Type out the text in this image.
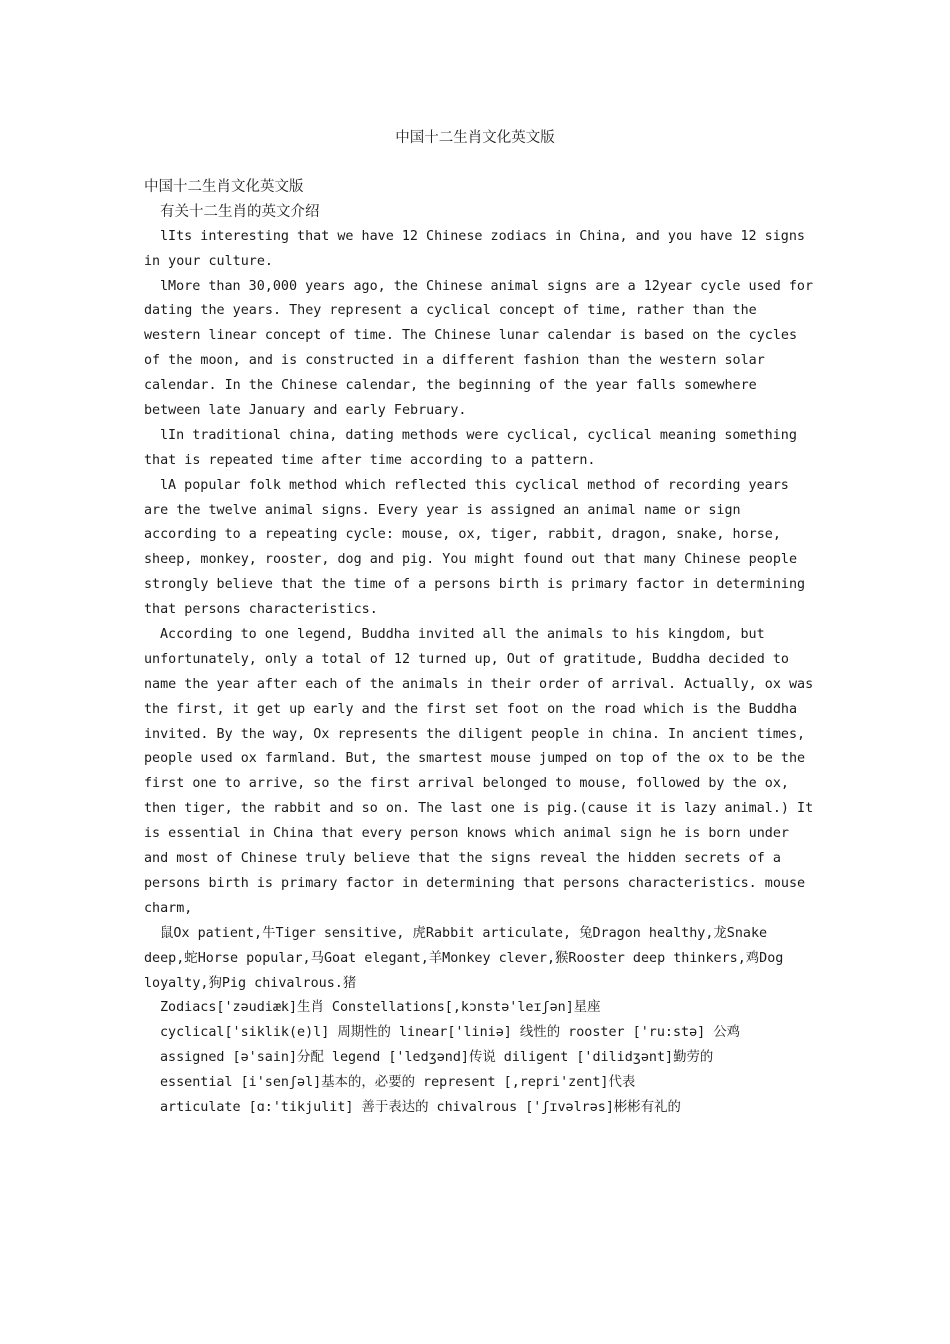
中国十二生肖文化英文版
中国十二生肖文化英文版
有关十二生肖的英文介绍
lIts interesting that we have 12 Chinese zodiacs in China, and you have 12 signs
in your culture.
lMore than 30,000 years ago, the Chinese animal signs are a 12year cycle used for
dating the years. They represent a cyclical concept of time, rather than the
western linear concept of time. The Chinese lunar calendar is based on the cycles
of the moon, and is constructed in a different fashion than the western solar
calendar. In the Chinese calendar, the beginning of the year falls somewhere
between late January and early February.
lIn traditional china, dating methods were cyclical, cyclical meaning something
that is repeated time after time according to a pattern.
lA popular folk method which reflected this cyclical method of recording years
are the twelve animal signs. Every year is assigned an animal name or sign
according to a repeating cycle: mouse, ox, tiger, rabbit, dragon, snake, horse,
sheep, monkey, rooster, dog and pig. You might found out that many Chinese people
strongly believe that the time of a persons birth is primary factor in determining
that persons characteristics.
According to one legend, Buddha invited all the animals to his kingdom, but
unfortunately, only a total of 12 turned up, Out of gratitude, Buddha decided to
name the year after each of the animals in their order of arrival. Actually, ox was
the first, it get up early and the first set foot on the road which is the Buddha
invited. By the way, Ox represents the diligent people in china. In ancient times,
people used ox farmland. But, the smartest mouse jumped on top of the ox to be the
first one to arrive, so the first arrival belonged to mouse, followed by the ox,
then tiger, the rabbit and so on. The last one is pig.(cause it is lazy animal.) It
is essential in China that every person knows which animal sign he is born under
and most of Chinese truly believe that the signs reveal the hidden secrets of a
persons birth is primary factor in determining that persons characteristics. mouse
charm,
鼠Ox patient,牛Tiger sensitive, 虎Rabbit articulate, 兔Dragon healthy,龙Snake
deep,蛇Horse popular,马Goat elegant,羊Monkey clever,猴Rooster deep thinkers,鸡Dog
loyalty,狗Pig chivalrous.猪
Zodiacs['zəudiæk]生肖 Constellations[,kɔnstə'leɪʃən]星座
cyclical['siklik(e)l] 周期性的 linear['liniə] 线性的 rooster ['ru:stə] 公鸡
assigned [ə'sain]分配 legend ['ledʒənd]传说 diligent ['dilidʒənt]勤劳的
essential [i'senʃəl]基本的，必要的 represent [,repri'zent]代表
articulate [ɑ:'tikjulit] 善于表达的 chivalrous ['ʃɪvəlrəs]彬彬有礼的
